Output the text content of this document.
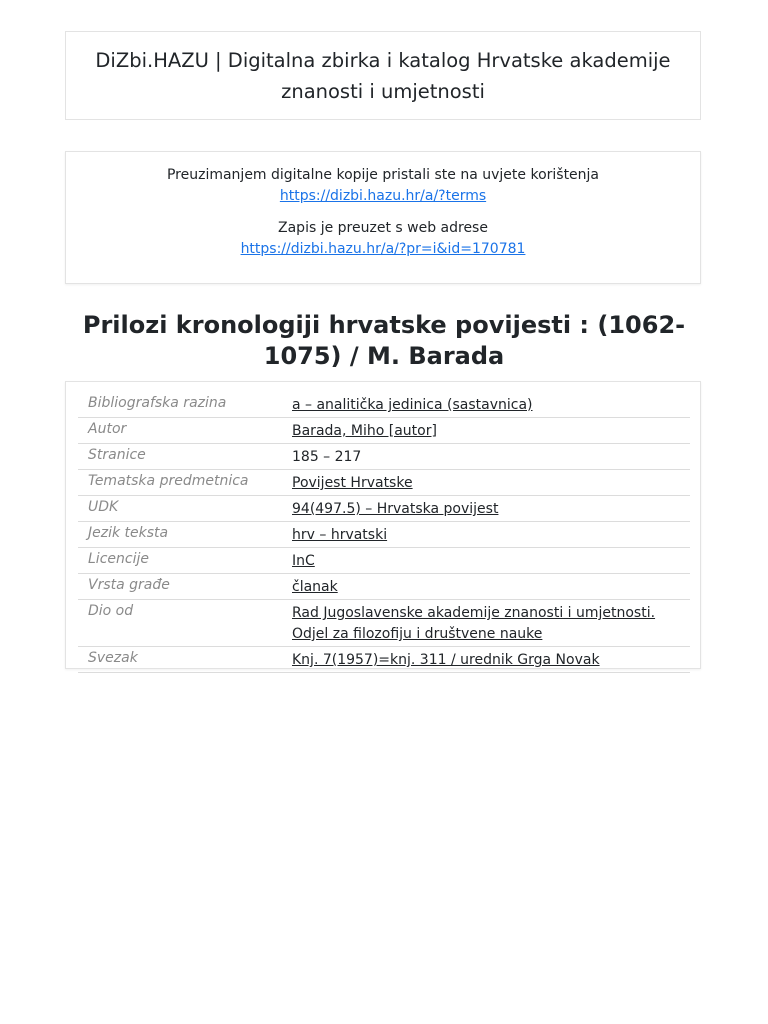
DiZbi.HAZU | Digitalna zbirka i katalog Hrvatske akademije znanosti i umjetnosti
Preuzimanjem digitalne kopije pristali ste na uvjete korištenja
https://dizbi.hazu.hr/a/?terms
Zapis je preuzet s web adrese
https://dizbi.hazu.hr/a/?pr=i&id=170781
Prilozi kronologiji hrvatske povijesti : (1062-1075) / M. Barada
Bibliografska razina	a – analitička jedinica (sastavnica)
Autor	Barada, Miho [autor]
Stranice	185 – 217
Tematska predmetnica	Povijest Hrvatske
UDK	94(497.5) – Hrvatska povijest
Jezik teksta	hrv – hrvatski
Licencije	InC
Vrsta građe	članak
Dio od	Rad Jugoslavenske akademije znanosti i umjetnosti. Odjel za filozofiju i društvene nauke
Svezak	Knj. 7(1957)=knj. 311 / urednik Grga Novak
